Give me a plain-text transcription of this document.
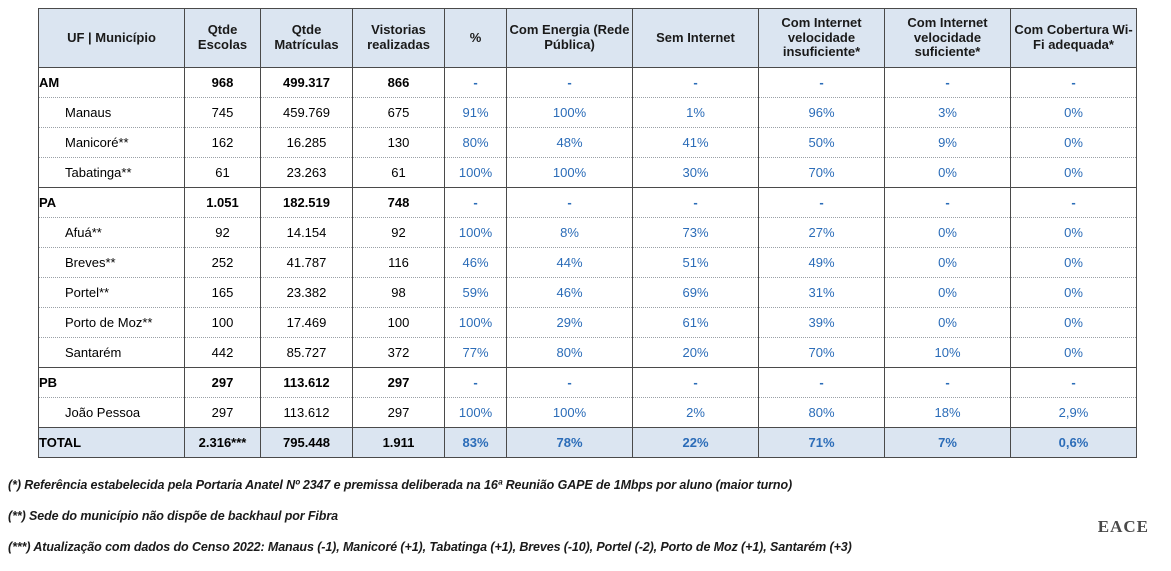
UF | Município	Qtde Escolas	Qtde Matrículas	Vistorias realizadas	%	Com Energia (Rede Pública)	Sem Internet	Com Internet velocidade insuficiente*	Com Internet velocidade suficiente*	Com Cobertura Wi-Fi adequada*
AM	968	499.317	866	-	-	-	-	-	-
Manaus	745	459.769	675	91%	100%	1%	96%	3%	0%
Manicoré**	162	16.285	130	80%	48%	41%	50%	9%	0%
Tabatinga**	61	23.263	61	100%	100%	30%	70%	0%	0%
PA	1.051	182.519	748	-	-	-	-	-	-
Afuá**	92	14.154	92	100%	8%	73%	27%	0%	0%
Breves**	252	41.787	116	46%	44%	51%	49%	0%	0%
Portel**	165	23.382	98	59%	46%	69%	31%	0%	0%
Porto de Moz**	100	17.469	100	100%	29%	61%	39%	0%	0%
Santarém	442	85.727	372	77%	80%	20%	70%	10%	0%
PB	297	113.612	297	-	-	-	-	-	-
João Pessoa	297	113.612	297	100%	100%	2%	80%	18%	2,9%
TOTAL	2.316***	795.448	1.911	83%	78%	22%	71%	7%	0,6%
(*) Referência estabelecida pela Portaria Anatel Nº 2347 e premissa deliberada na 16ª Reunião GAPE de 1Mbps por aluno (maior turno)
(**) Sede do município não dispõe de backhaul por Fibra
(***) Atualização com dados do Censo 2022: Manaus (-1), Manicoré (+1), Tabatinga (+1), Breves (-10), Portel (-2), Porto de Moz (+1), Santarém (+3)
EACE
